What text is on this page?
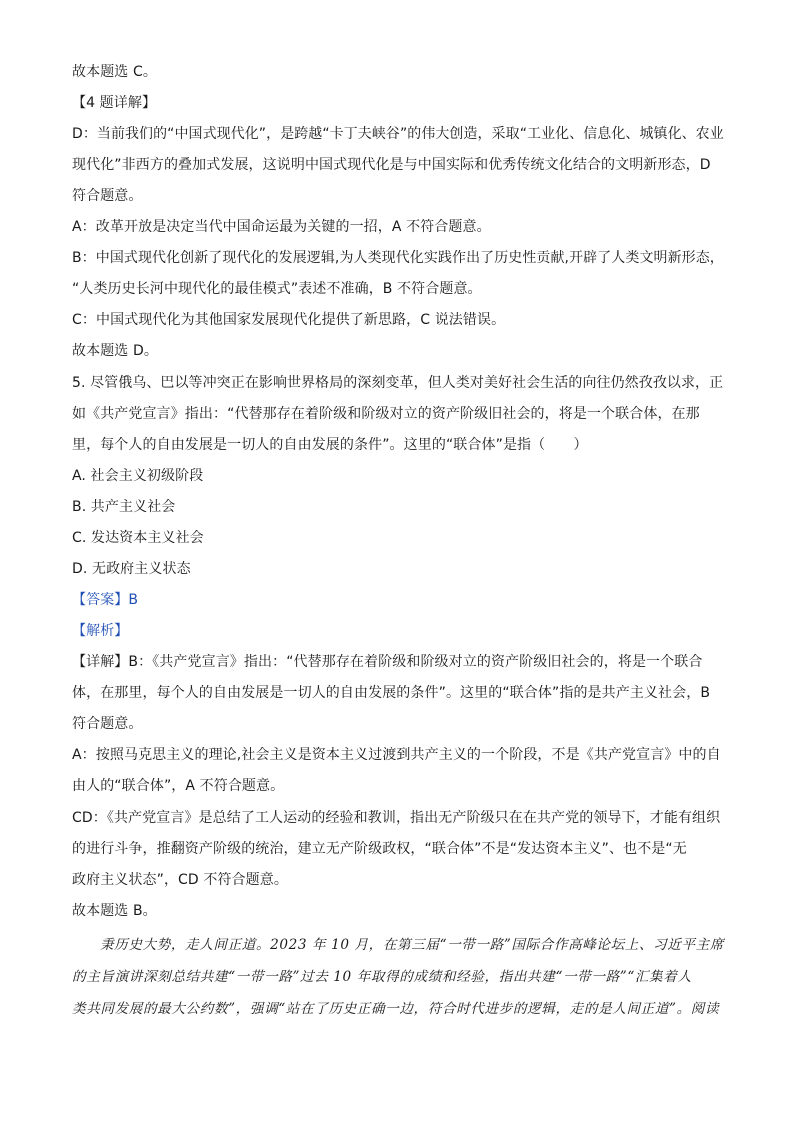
故本题选 C。
【4 题详解】
D：当前我们的“中国式现代化”，是跨越“卡丁夫峡谷”的伟大创造，采取“工业化、信息化、城镇化、农业
现代化”非西方的叠加式发展，这说明中国式现代化是与中国实际和优秀传统文化结合的文明新形态，D
符合题意。
A：改革开放是决定当代中国命运最为关键的一招，A 不符合题意。
B：中国式现代化创新了现代化的发展逻辑,为人类现代化实践作出了历史性贡献,开辟了人类文明新形态，
“人类历史长河中现代化的最佳模式”表述不准确，B 不符合题意。
C：中国式现代化为其他国家发展现代化提供了新思路，C 说法错误。
故本题选 D。
5. 尽管俄乌、巴以等冲突正在影响世界格局的深刻变革，但人类对美好社会生活的向往仍然孜孜以求，正
如《共产党宣言》指出：“代替那存在着阶级和阶级对立的资产阶级旧社会的，将是一个联合体，在那
里，每个人的自由发展是一切人的自由发展的条件”。这里的“联合体”是指（　　）
A. 社会主义初级阶段
B. 共产主义社会
C. 发达资本主义社会
D. 无政府主义状态
【答案】B
【解析】
【详解】B：《共产党宣言》指出：“代替那存在着阶级和阶级对立的资产阶级旧社会的，将是一个联合
体，在那里，每个人的自由发展是一切人的自由发展的条件”。这里的“联合体”指的是共产主义社会，B
符合题意。
A：按照马克思主义的理论,社会主义是资本主义过渡到共产主义的一个阶段，不是《共产党宣言》中的自
由人的“联合体”，A 不符合题意。
CD：《共产党宣言》是总结了工人运动的经验和教训，指出无产阶级只在在共产党的领导下，才能有组织
的进行斗争，推翻资产阶级的统治，建立无产阶级政权，“联合体”不是“发达资本主义”、也不是“无
政府主义状态”，CD 不符合题意。
故本题选 B。
秉历史大势，走人间正道。2023 年 10 月，在第三届“一带一路”国际合作高峰论坛上、习近平主席
的主旨演讲深刻总结共建“一带一路”过去 10 年取得的成绩和经验，指出共建“一带一路”“汇集着人
类共同发展的最大公约数”，强调“站在了历史正确一边，符合时代进步的逻辑，走的是人间正道”。阅读
